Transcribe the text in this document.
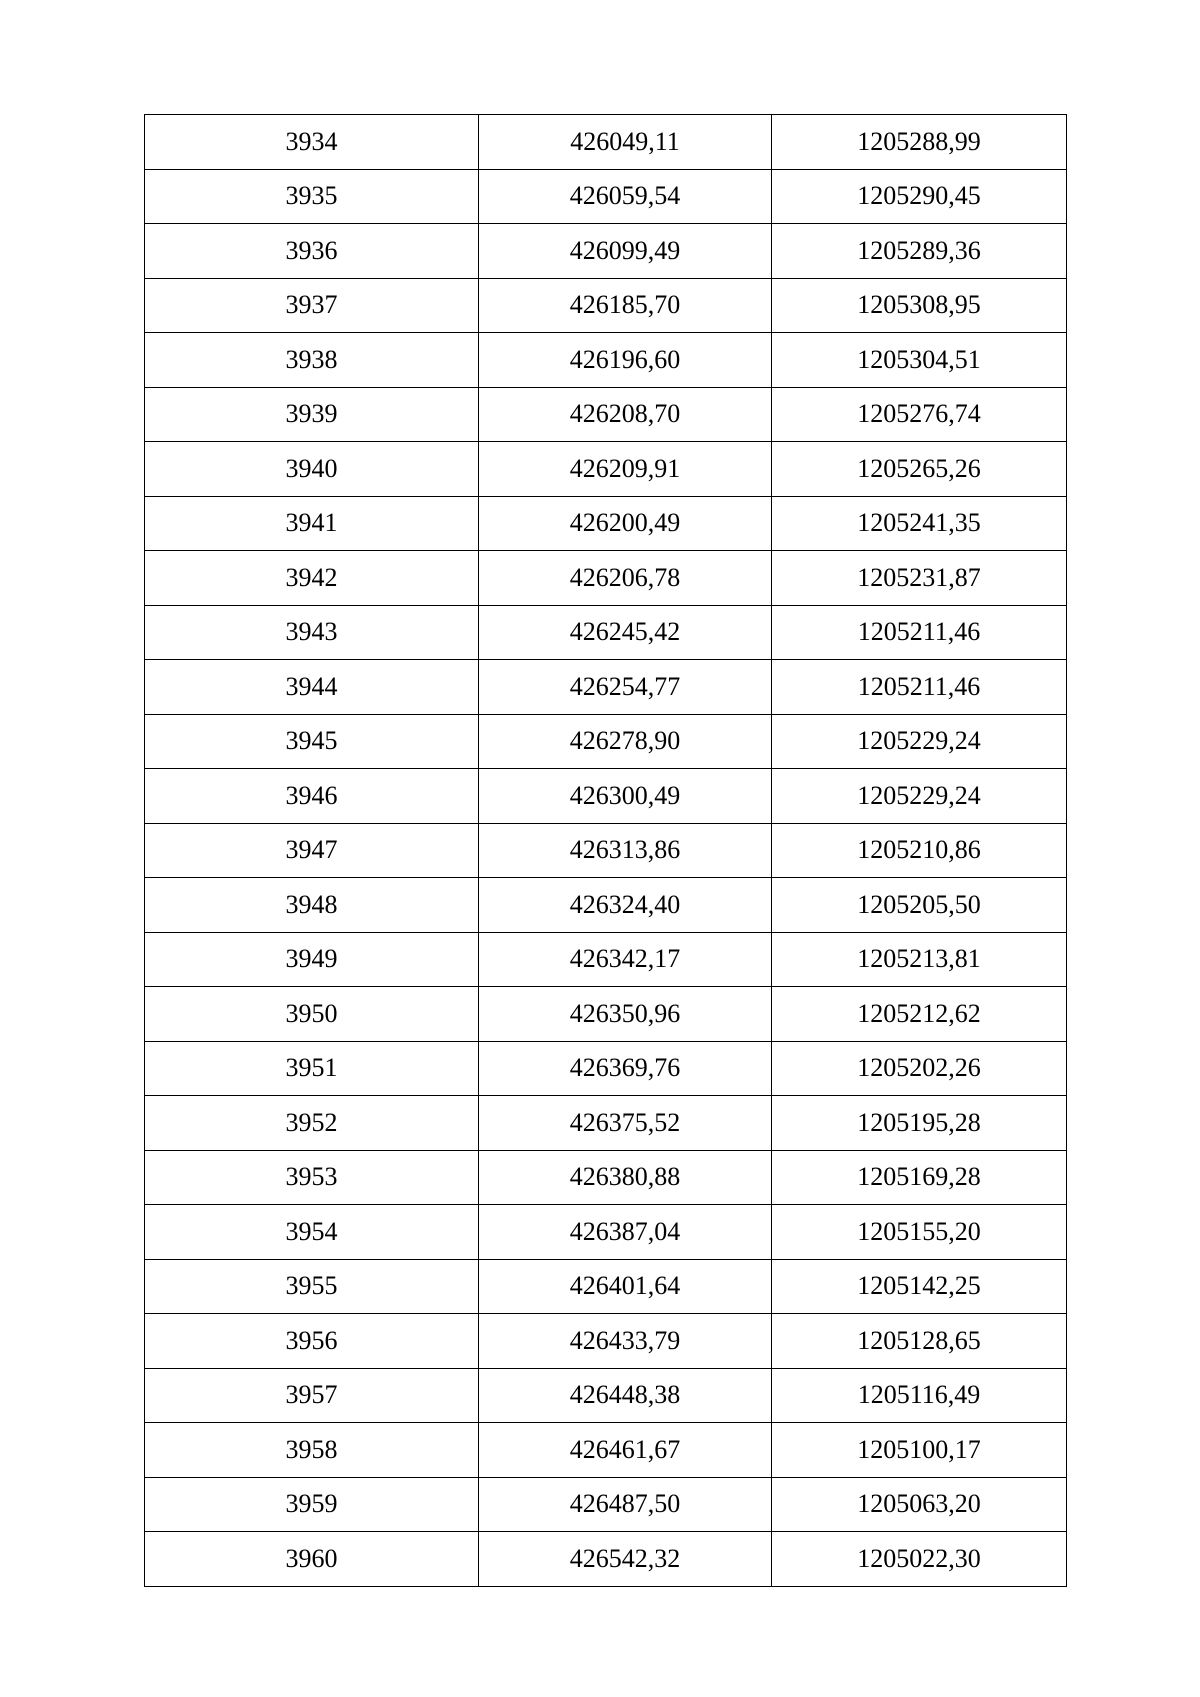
3934	426049,11	1205288,99
3935	426059,54	1205290,45
3936	426099,49	1205289,36
3937	426185,70	1205308,95
3938	426196,60	1205304,51
3939	426208,70	1205276,74
3940	426209,91	1205265,26
3941	426200,49	1205241,35
3942	426206,78	1205231,87
3943	426245,42	1205211,46
3944	426254,77	1205211,46
3945	426278,90	1205229,24
3946	426300,49	1205229,24
3947	426313,86	1205210,86
3948	426324,40	1205205,50
3949	426342,17	1205213,81
3950	426350,96	1205212,62
3951	426369,76	1205202,26
3952	426375,52	1205195,28
3953	426380,88	1205169,28
3954	426387,04	1205155,20
3955	426401,64	1205142,25
3956	426433,79	1205128,65
3957	426448,38	1205116,49
3958	426461,67	1205100,17
3959	426487,50	1205063,20
3960	426542,32	1205022,30
